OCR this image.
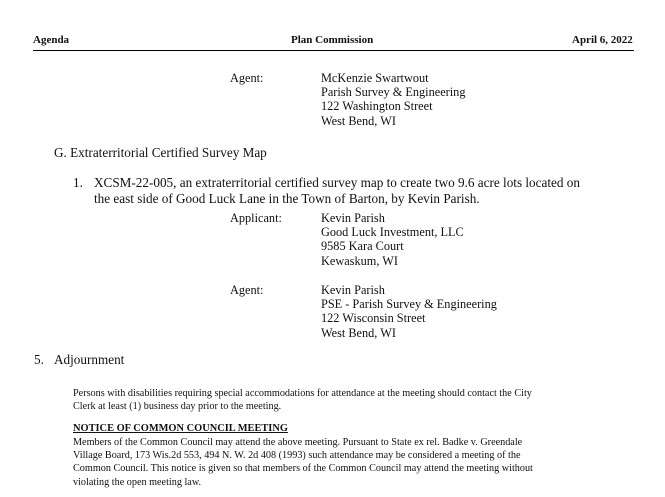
Agenda	Plan Commission	April 6, 2022
Agent:	McKenzie Swartwout
Parish Survey & Engineering
122 Washington Street
West Bend, WI
G. Extraterritorial Certified Survey Map
1. XCSM-22-005, an extraterritorial certified survey map to create two 9.6 acre lots located on
the east side of Good Luck Lane in the Town of Barton, by Kevin Parish.
Applicant:	Kevin Parish
Good Luck Investment, LLC
9585 Kara Court
Kewaskum, WI
Agent:	Kevin Parish
PSE - Parish Survey & Engineering
122 Wisconsin Street
West Bend, WI
5. Adjournment
Persons with disabilities requiring special accommodations for attendance at the meeting should contact the City
Clerk at least (1) business day prior to the meeting.
NOTICE OF COMMON COUNCIL MEETING
Members of the Common Council may attend the above meeting. Pursuant to State ex rel. Badke v. Greendale
Village Board, 173 Wis.2d 553, 494 N. W. 2d 408 (1993) such attendance may be considered a meeting of the
Common Council. This notice is given so that members of the Common Council may attend the meeting without
violating the open meeting law.
